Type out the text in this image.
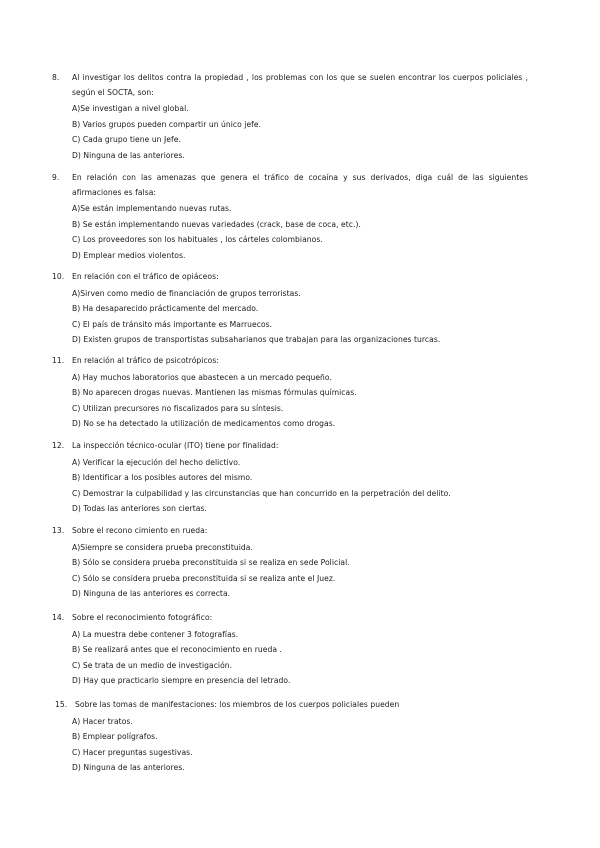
8.	Al investigar los delitos contra la propiedad , los problemas con los que se suelen encontrar los cuerpos policiales , según el SOCTA, son:
A)Se investigan a nivel global.
B) Varios grupos pueden compartir un único jefe.
C) Cada grupo tiene un Jefe.
D) Ninguna de las anteriores.
9.	En relación con las amenazas que genera el tráfico de cocaína y sus derivados, diga cuál de las siguientes afirmaciones es falsa:
A)Se están implementando nuevas rutas.
B) Se están implementando nuevas variedades (crack, base de coca, etc.).
C) Los proveedores son los habituales , los cárteles colombianos.
D) Emplear medios violentos.
10.	En relación con el tráfico de opiáceos:
A)Sirven como medio de financiación de grupos terroristas.
B) Ha desaparecido prácticamente del mercado.
C) El país de tránsito más importante es Marruecos.
D) Existen grupos de transportistas subsaharianos que trabajan para las organizaciones turcas.
11.	En relación al tráfico de psicotrópicos:
A) Hay muchos laboratorios que abastecen a un mercado pequeño.
B) No aparecen drogas nuevas. Mantienen las mismas fórmulas químicas.
C) Utilizan precursores no fiscalizados para su síntesis.
D) No se ha detectado la utilización de medicamentos como drogas.
12.	La inspección técnico-ocular (ITO) tiene por finalidad:
A) Verificar la ejecución del hecho delictivo.
B) Identificar a los posibles autores del mismo.
C) Demostrar la culpabilidad y las circunstancias que han concurrido en la perpetración del delito.
D) Todas las anteriores son ciertas.
13.	Sobre el recono cimiento en rueda:
A)Siempre se considera prueba preconstituida.
B) Sólo se considera prueba preconstituida si se realiza en sede Policial.
C) Sólo se considera prueba preconstituida si se realiza ante el Juez.
D) Ninguna de las anteriores es correcta.
14.	Sobre el reconocimiento fotográfico:
A) La muestra debe contener 3 fotografías.
B) Se realizará antes que el reconocimiento en rueda .
C) Se trata de un medio de investigación.
D) Hay que practicarlo siempre en presencia del letrado.
15.	Sobre las tomas de manifestaciones: los miembros de los cuerpos policiales pueden
A) Hacer tratos.
B) Emplear polígrafos.
C) Hacer preguntas sugestivas.
D) Ninguna de las anteriores.
